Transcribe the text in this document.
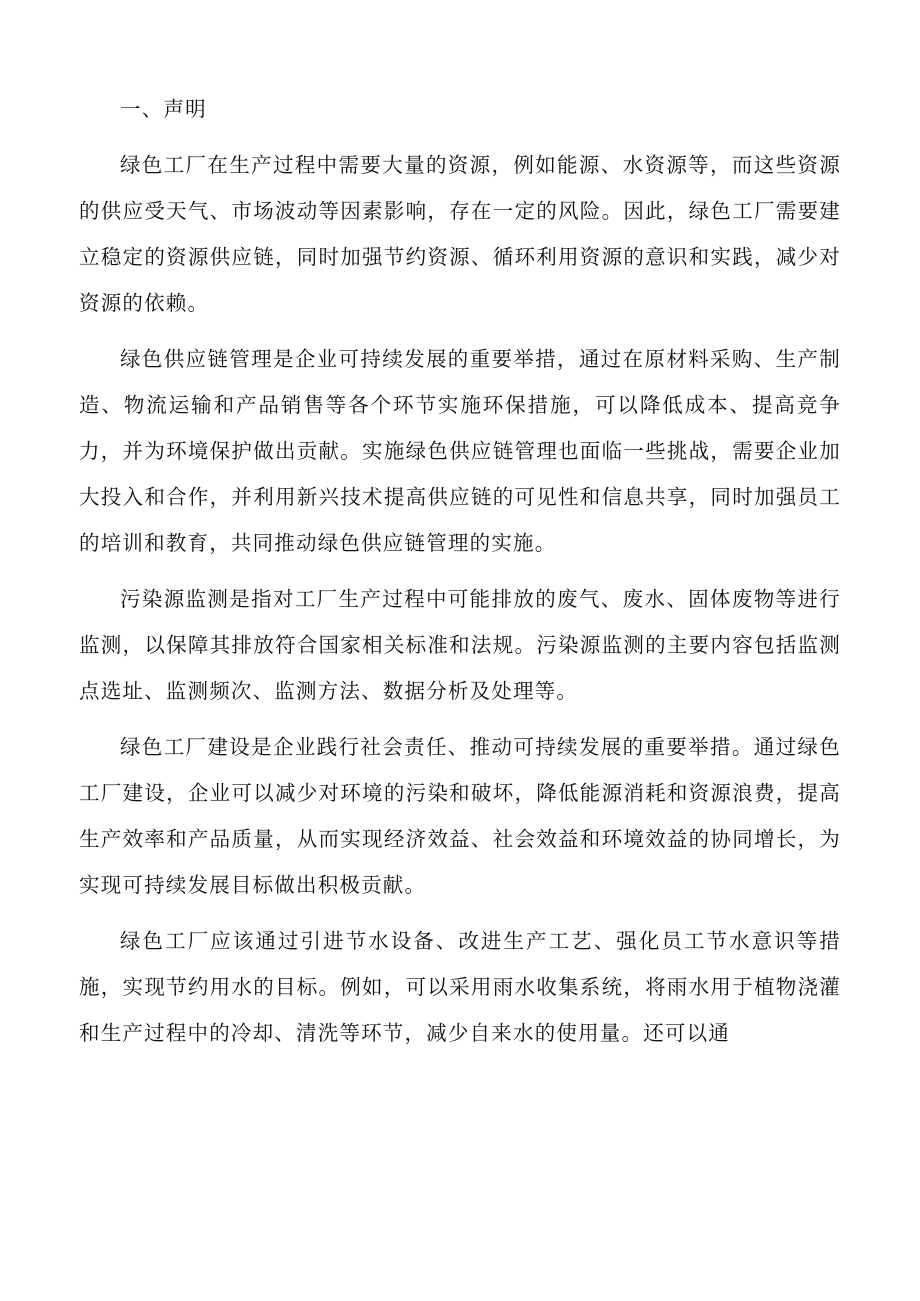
一、声明

绿色工厂在生产过程中需要大量的资源，例如能源、水资源等，而这些资源的供应受天气、市场波动等因素影响，存在一定的风险。因此，绿色工厂需要建立稳定的资源供应链，同时加强节约资源、循环利用资源的意识和实践，减少对资源的依赖。

绿色供应链管理是企业可持续发展的重要举措，通过在原材料采购、生产制造、物流运输和产品销售等各个环节实施环保措施，可以降低成本、提高竞争力，并为环境保护做出贡献。实施绿色供应链管理也面临一些挑战，需要企业加大投入和合作，并利用新兴技术提高供应链的可见性和信息共享，同时加强员工的培训和教育，共同推动绿色供应链管理的实施。

污染源监测是指对工厂生产过程中可能排放的废气、废水、固体废物等进行监测，以保障其排放符合国家相关标准和法规。污染源监测的主要内容包括监测点选址、监测频次、监测方法、数据分析及处理等。

绿色工厂建设是企业践行社会责任、推动可持续发展的重要举措。通过绿色工厂建设，企业可以减少对环境的污染和破坏，降低能源消耗和资源浪费，提高生产效率和产品质量，从而实现经济效益、社会效益和环境效益的协同增长，为实现可持续发展目标做出积极贡献。

绿色工厂应该通过引进节水设备、改进生产工艺、强化员工节水意识等措施，实现节约用水的目标。例如，可以采用雨水收集系统，将雨水用于植物浇灌和生产过程中的冷却、清洗等环节，减少自来水的使用量。还可以通
